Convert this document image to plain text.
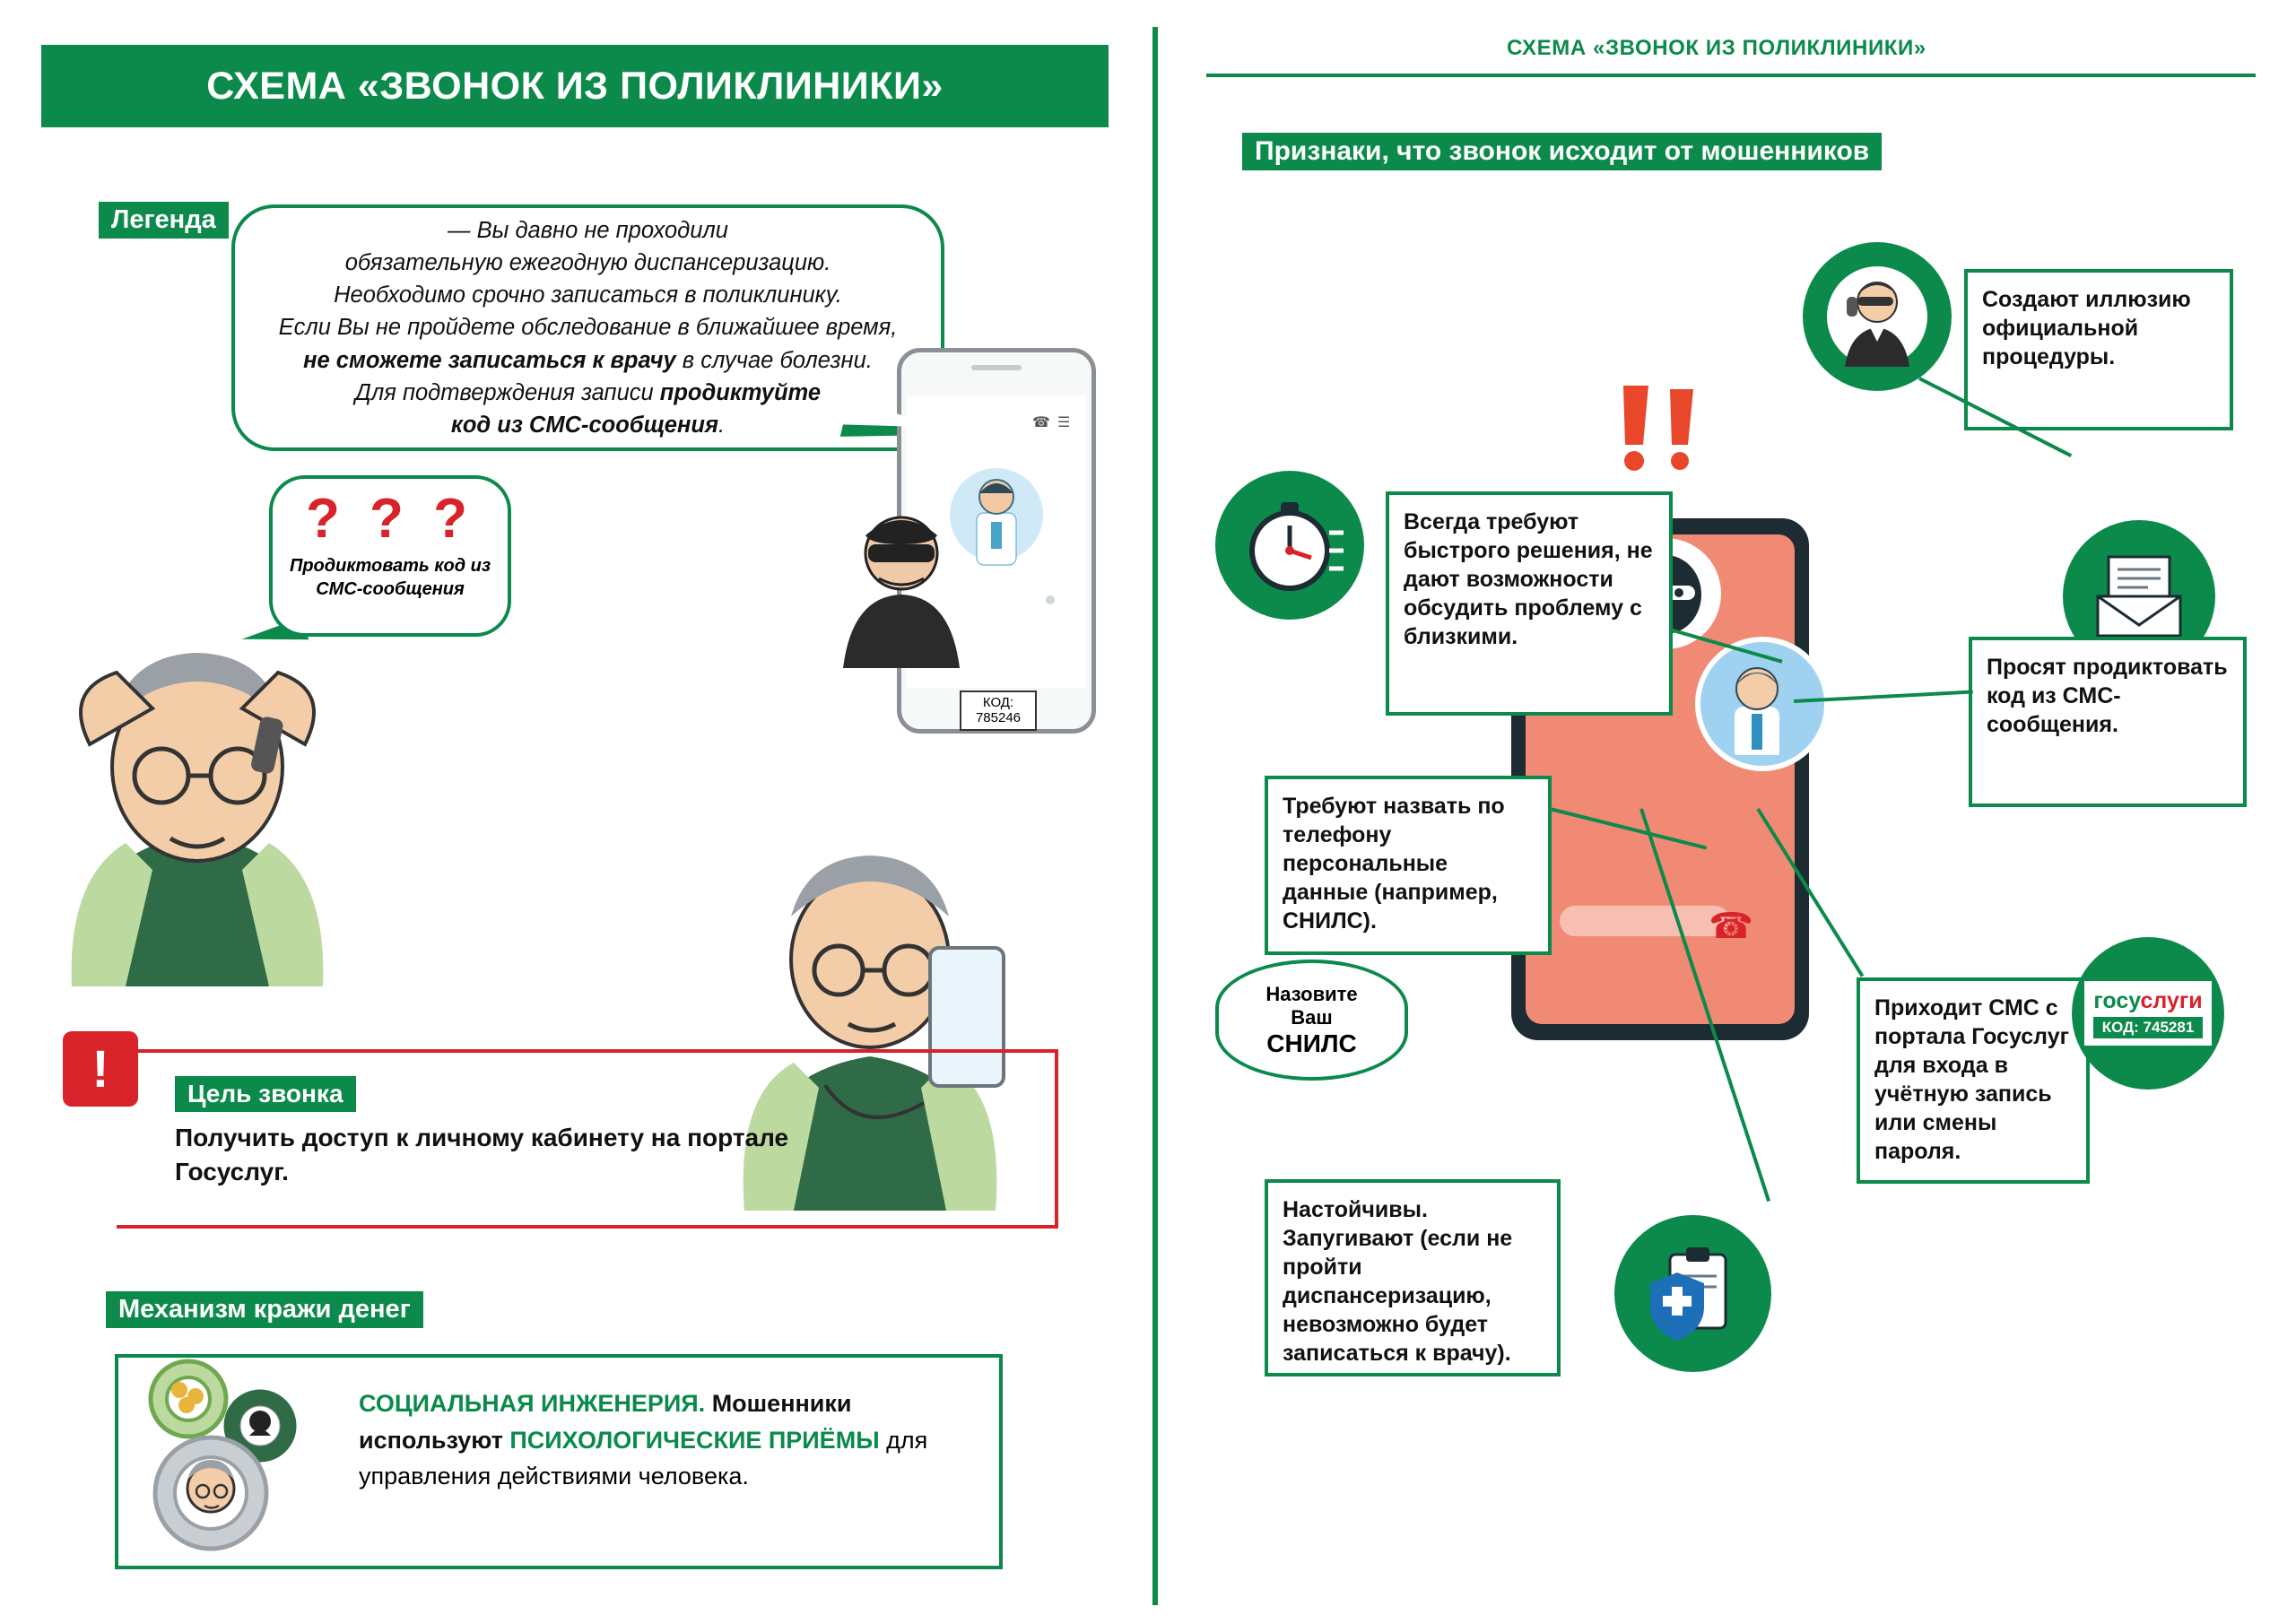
СХЕМА «ЗВОНОК ИЗ ПОЛИКЛИНИКИ»
Легенда	— Вы давно не проходили
обязательную ежегодную диспансеризацию.
Необходимо срочно записаться в поликлинику.
Если Вы не пройдете обследование в ближайшее время,
не сможете записаться к врачу в случае болезни.
Для подтверждения записи продиктуйте
код из СМС-сообщения.
? ? ?
Продиктовать код из СМС-сообщения
☰
☎
КОД: 785246
Цель звонка
Получить доступ к личному кабинету на портале Госуслуг.
!
Механизм кражи денег
СОЦИАЛЬНАЯ ИНЖЕНЕРИЯ. Мошенники используют ПСИХОЛОГИЧЕСКИЕ ПРИЁМЫ для управления действиями человека.
СХЕМА «ЗВОНОК ИЗ ПОЛИКЛИНИКИ»
Признаки, что звонок исходит от мошенников
☎
Создают иллюзию официальной процедуры.
Всегда требуют быстрого решения, не дают возможности обсудить проблему с близкими.
Просят продиктовать код из СМС-сообщения.
Требуют назвать по телефону персональные данные (например, СНИЛС).
Назовите
Ваш
СНИЛС
Приходит СМС с портала Госуслуг для входа в учётную запись или смены пароля.
госуслуги
КОД: 745281
Настойчивы. Запугивают (если не пройти диспансеризацию, невозможно будет записаться к врачу).
